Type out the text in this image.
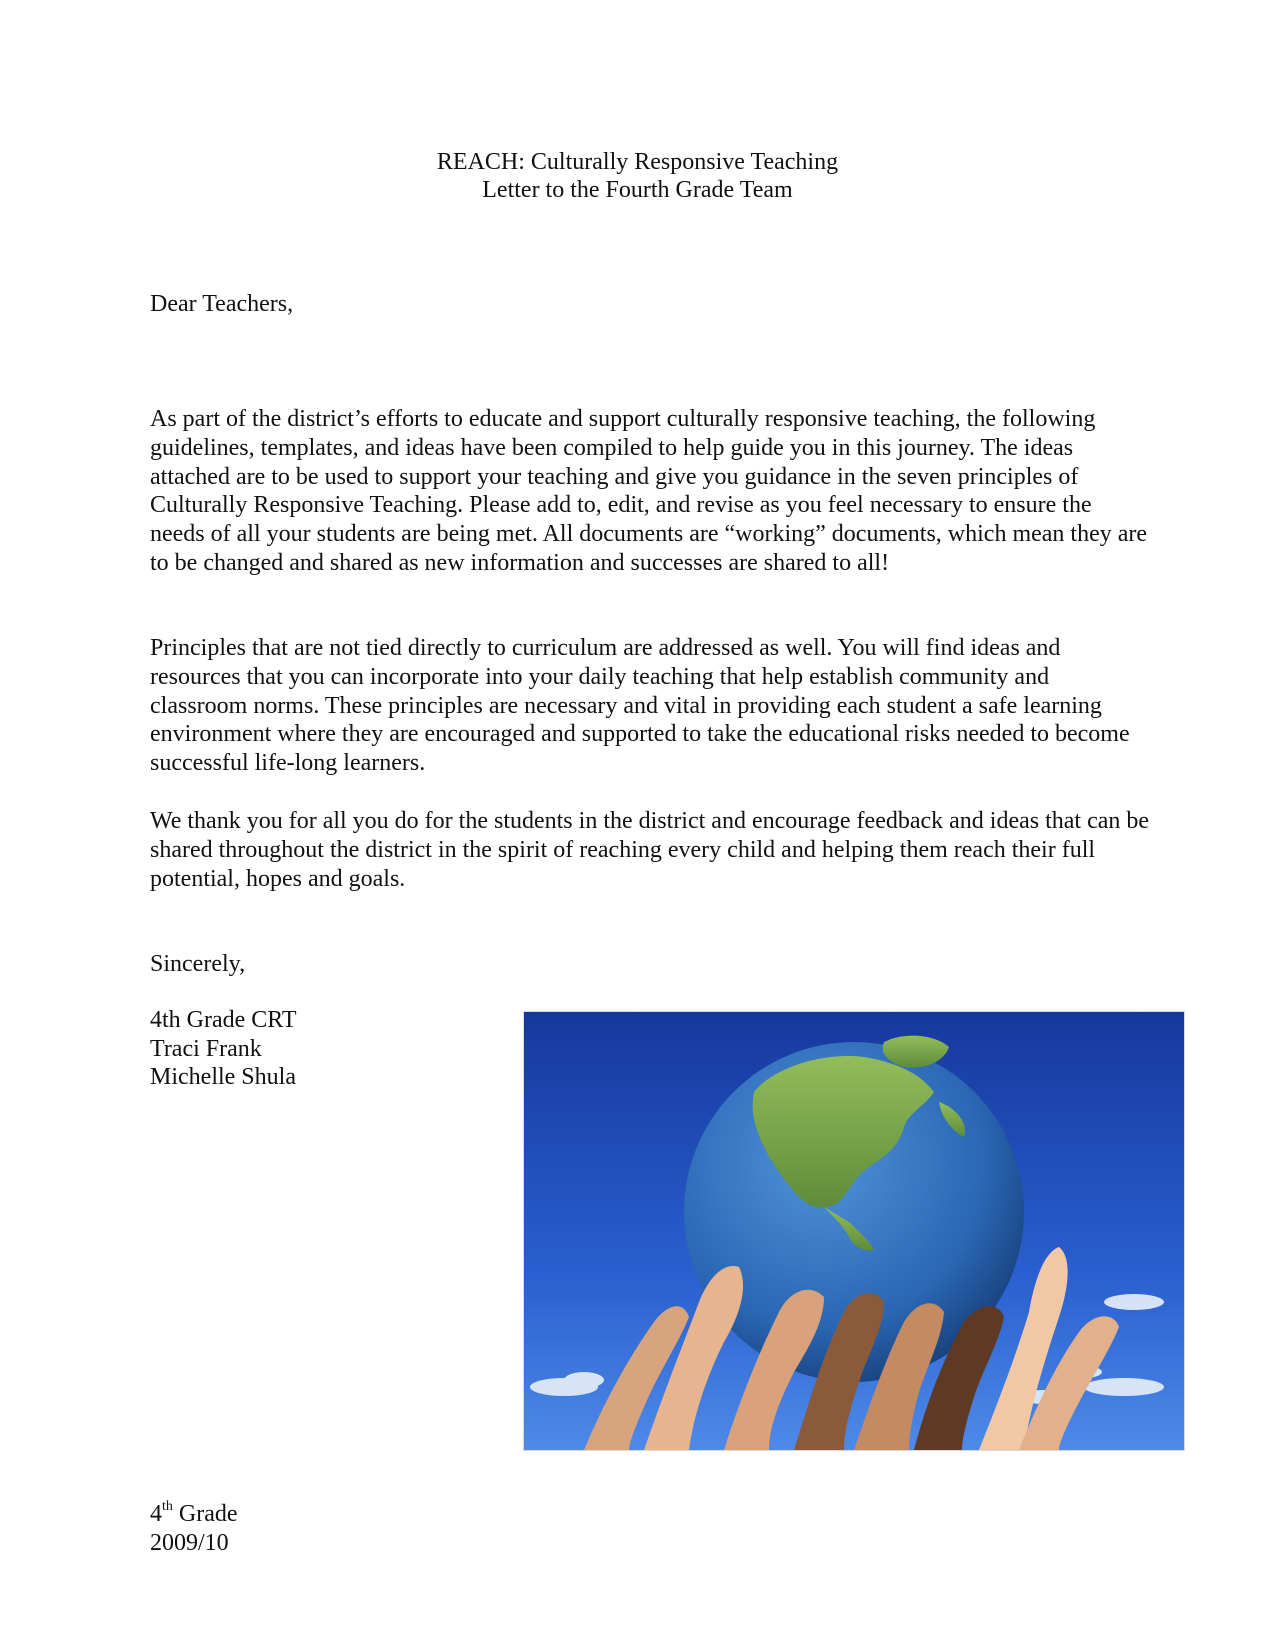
REACH: Culturally Responsive Teaching
Letter to the Fourth Grade Team
Dear Teachers,

As part of the district’s efforts to educate and support culturally responsive teaching, the following guidelines, templates, and ideas have been compiled to help guide you in this journey. The ideas attached are to be used to support your teaching and give you guidance in the seven principles of Culturally Responsive Teaching. Please add to, edit, and revise as you feel necessary to ensure the needs of all your students are being met. All documents are “working” documents, which mean they are to be changed and shared as new information and successes are shared to all!

Principles that are not tied directly to curriculum are addressed as well. You will find ideas and resources that you can incorporate into your daily teaching that help establish community and classroom norms. These principles are necessary and vital in providing each student a safe learning environment where they are encouraged and supported to take the educational risks needed to become successful life-long learners.

We thank you for all you do for the students in the district and encourage feedback and ideas that can be shared throughout the district in the spirit of reaching every child and helping them reach their full potential, hopes and goals.

Sincerely,
4th Grade CRT
Traci Frank
Michelle Shula
4th Grade
2009/10
